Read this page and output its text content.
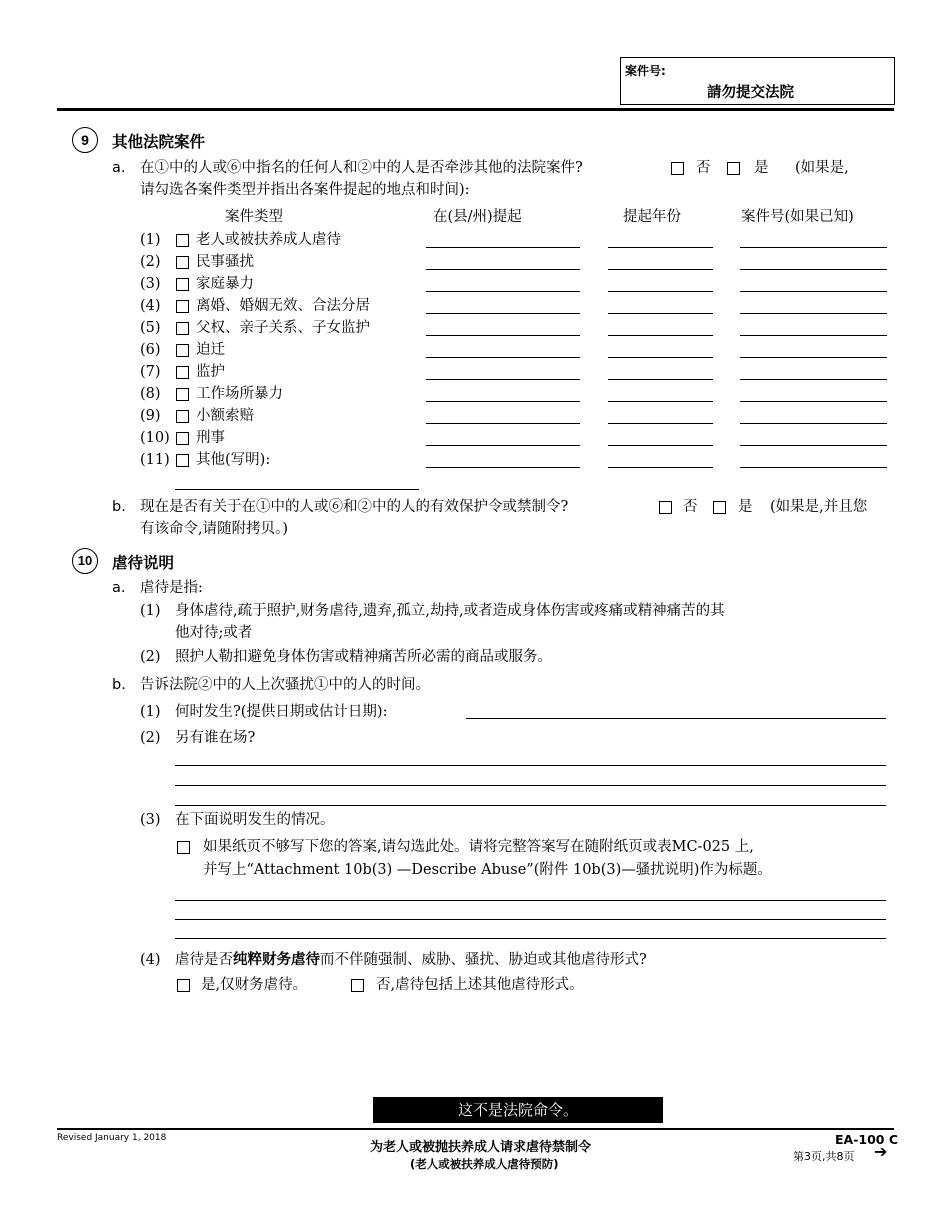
案件号:
請勿提交法院
9	其他法院案件
a. 在①中的人或⑥中指名的任何人和②中的人是否牵涉其他的法院案件?	否	是 (如果是,
请勾选各案件类型并指出各案件提起的地点和时间):
案件类型	在(县/州)提起	提起年份	案件号(如果已知)
(1) 老人或被扶养成人虐待
(2) 民事骚扰
(3) 家庭暴力
(4) 离婚、婚姻无效、合法分居
(5) 父权、亲子关系、子女监护
(6) 迫迁
(7) 监护
(8) 工作场所暴力
(9) 小额索赔
(10) 刑事
(11) 其他(写明):
b. 现在是否有关于在①中的人或⑥和②中的人的有效保护令或禁制令?	否	是 (如果是,并且您
有该命令,请随附拷贝。)
10	虐待说明
a. 虐待是指:
(1) 身体虐待,疏于照护,财务虐待,遗弃,孤立,劫持,或者造成身体伤害或疼痛或精神痛苦的其
他对待;或者
(2) 照护人勒扣避免身体伤害或精神痛苦所必需的商品或服务。
b. 告诉法院②中的人上次骚扰①中的人的时间。
(1) 何时发生?(提供日期或估计日期):
(2) 另有谁在场?
(3) 在下面说明发生的情况。
如果纸页不够写下您的答案,请勾选此处。请将完整答案写在随附纸页或表MC-025 上,
并写上“Attachment 10b(3) —Describe Abuse”(附件 10b(3)—骚扰说明)作为标题。
(4) 虐待是否纯粹财务虐待而不伴随强制、威胁、骚扰、胁迫或其他虐待形式?
是,仅财务虐待。	否,虐待包括上述其他虐待形式。
这不是法院命令。
Revised January 1, 2018
为老人或被抛扶养成人请求虐待禁制令
(老人或被扶养成人虐待预防)
EA-100 C
第3页,共8页 ➔
